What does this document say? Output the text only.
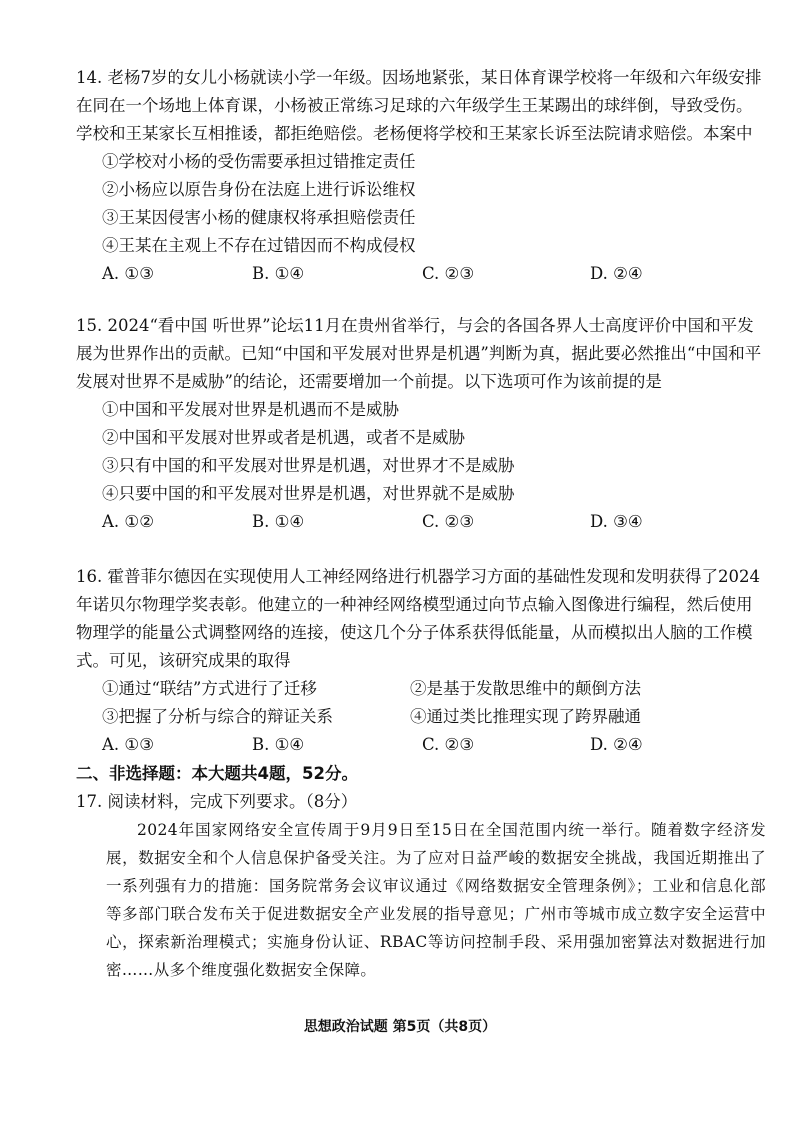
14. 老杨7岁的女儿小杨就读小学一年级。因场地紧张，某日体育课学校将一年级和六年级安排在同在一个场地上体育课，小杨被正常练习足球的六年级学生王某踢出的球绊倒，导致受伤。学校和王某家长互相推诿，都拒绝赔偿。老杨便将学校和王某家长诉至法院请求赔偿。本案中

①学校对小杨的受伤需要承担过错推定责任

②小杨应以原告身份在法庭上进行诉讼维权

③王某因侵害小杨的健康权将承担赔偿责任

④王某在主观上不存在过错因而不构成侵权

A. ①③	B. ①④	C. ②③	D. ②④

15. 2024“看中国 听世界”论坛11月在贵州省举行，与会的各国各界人士高度评价中国和平发展为世界作出的贡献。已知“中国和平发展对世界是机遇”判断为真，据此要必然推出“中国和平发展对世界不是威胁”的结论，还需要增加一个前提。以下选项可作为该前提的是

①中国和平发展对世界是机遇而不是威胁

②中国和平发展对世界或者是机遇，或者不是威胁

③只有中国的和平发展对世界是机遇，对世界才不是威胁

④只要中国的和平发展对世界是机遇，对世界就不是威胁

A. ①②	B. ①④	C. ②③	D. ③④

16. 霍普菲尔德因在实现使用人工神经网络进行机器学习方面的基础性发现和发明获得了2024年诺贝尔物理学奖表彰。他建立的一种神经网络模型通过向节点输入图像进行编程，然后使用物理学的能量公式调整网络的连接，使这几个分子体系获得低能量，从而模拟出人脑的工作模式。可见，该研究成果的取得

①通过“联结”方式进行了迁移	②是基于发散思维中的颠倒方法
③把握了分析与综合的辩证关系	④通过类比推理实现了跨界融通
A. ①③	B. ①④	C. ②③	D. ②④
二、非选择题：本大题共4题，52分。

17. 阅读材料，完成下列要求。（8分）

2024年国家网络安全宣传周于9月9日至15日在全国范围内统一举行。随着数字经济发展，数据安全和个人信息保护备受关注。为了应对日益严峻的数据安全挑战，我国近期推出了一系列强有力的措施：国务院常务会议审议通过《网络数据安全管理条例》；工业和信息化部等多部门联合发布关于促进数据安全产业发展的指导意见；广州市等城市成立数字安全运营中心，探索新治理模式；实施身份认证、RBAC等访问控制手段、采用强加密算法对数据进行加密……从多个维度强化数据安全保障。

思想政治试题 第5页（共8页）
